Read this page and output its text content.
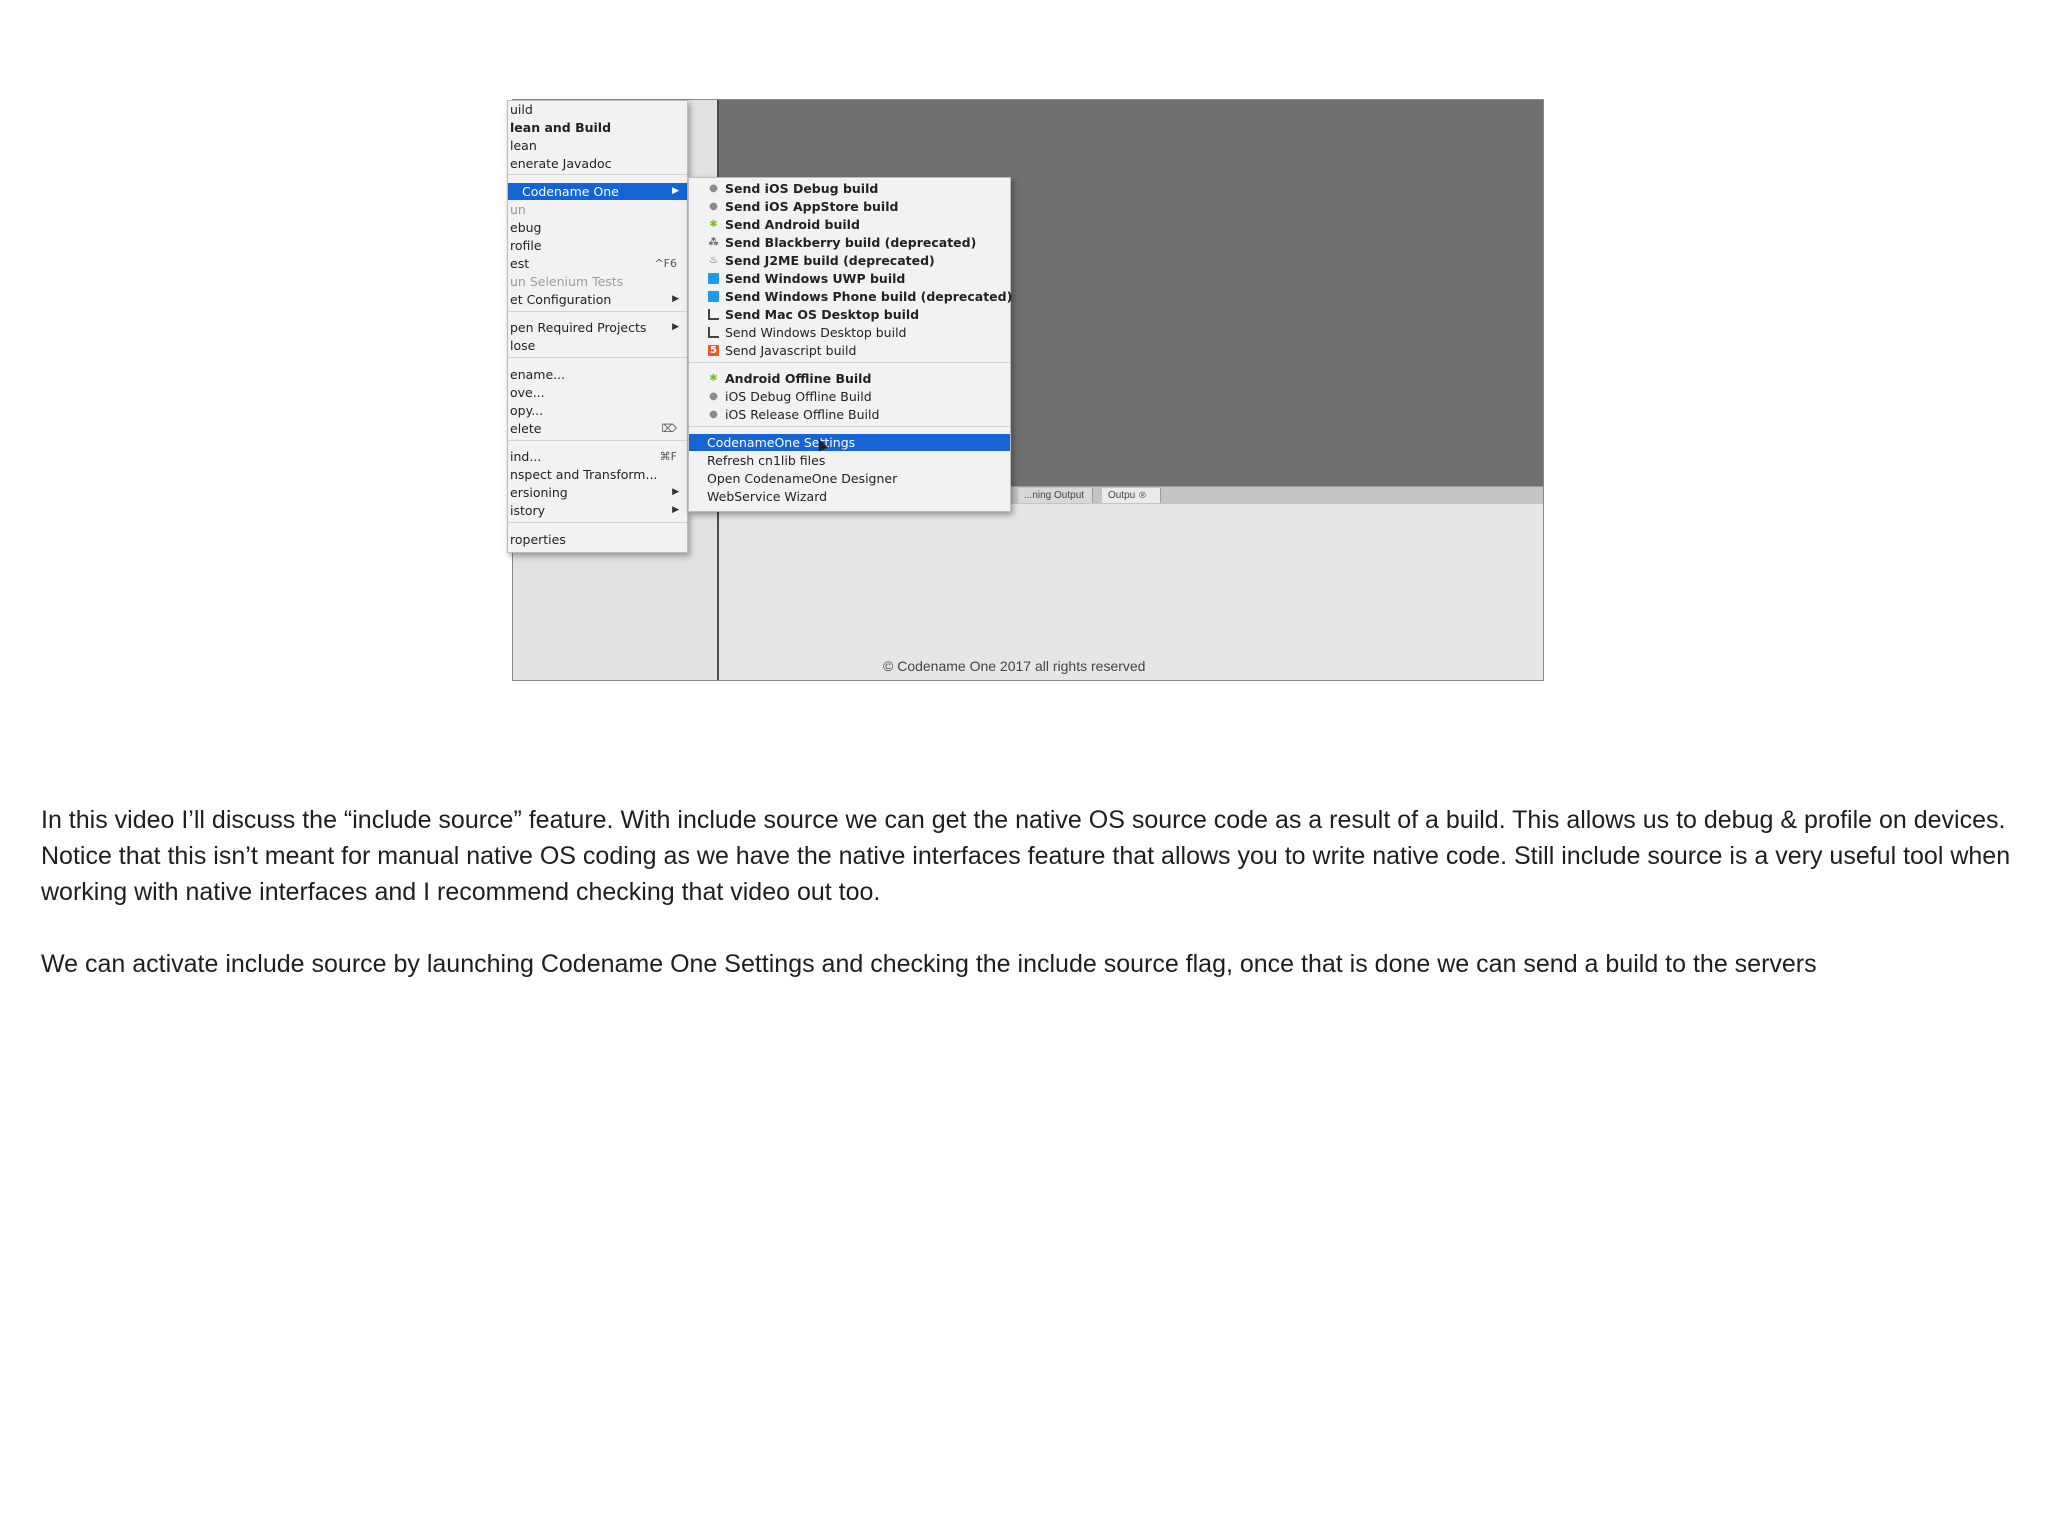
...ning Output	Outpu ⊗
uild
lean and Build
lean
enerate Javadoc
Codename One	▶
un
ebug
rofile
est	^F6
un Selenium Tests
et Configuration	▶
pen Required Projects	▶
lose
ename...
ove...
opy...
elete	⌦
ind...	⌘F
nspect and Transform...
ersioning	▶
istory	▶
roperties
● Send iOS Debug build
● Send iOS AppStore build
✱ Send Android build
⁂ Send Blackberry build (deprecated)
♨ Send J2ME build (deprecated)
Send Windows UWP build
Send Windows Phone build (deprecated)
Send Mac OS Desktop build
Send Windows Desktop build
5 Send Javascript build
✱ Android Offline Build
● iOS Debug Offline Build
● iOS Release Offline Build
CodenameOne Settings
Refresh cn1lib files
Open CodenameOne Designer
WebService Wizard
© Codename One 2017 all rights reserved

In this video I’ll discuss the “include source” feature. With include source we can get the native OS source code as a result of a build. This allows us to debug & profile on devices.

Notice that this isn’t meant for manual native OS coding as we have the native interfaces feature that allows you to write native code. Still include source is a very useful tool when working with native interfaces and I recommend checking that video out too.

We can activate include source by launching Codename One Settings and checking the include source flag, once that is done we can send a build to the servers
